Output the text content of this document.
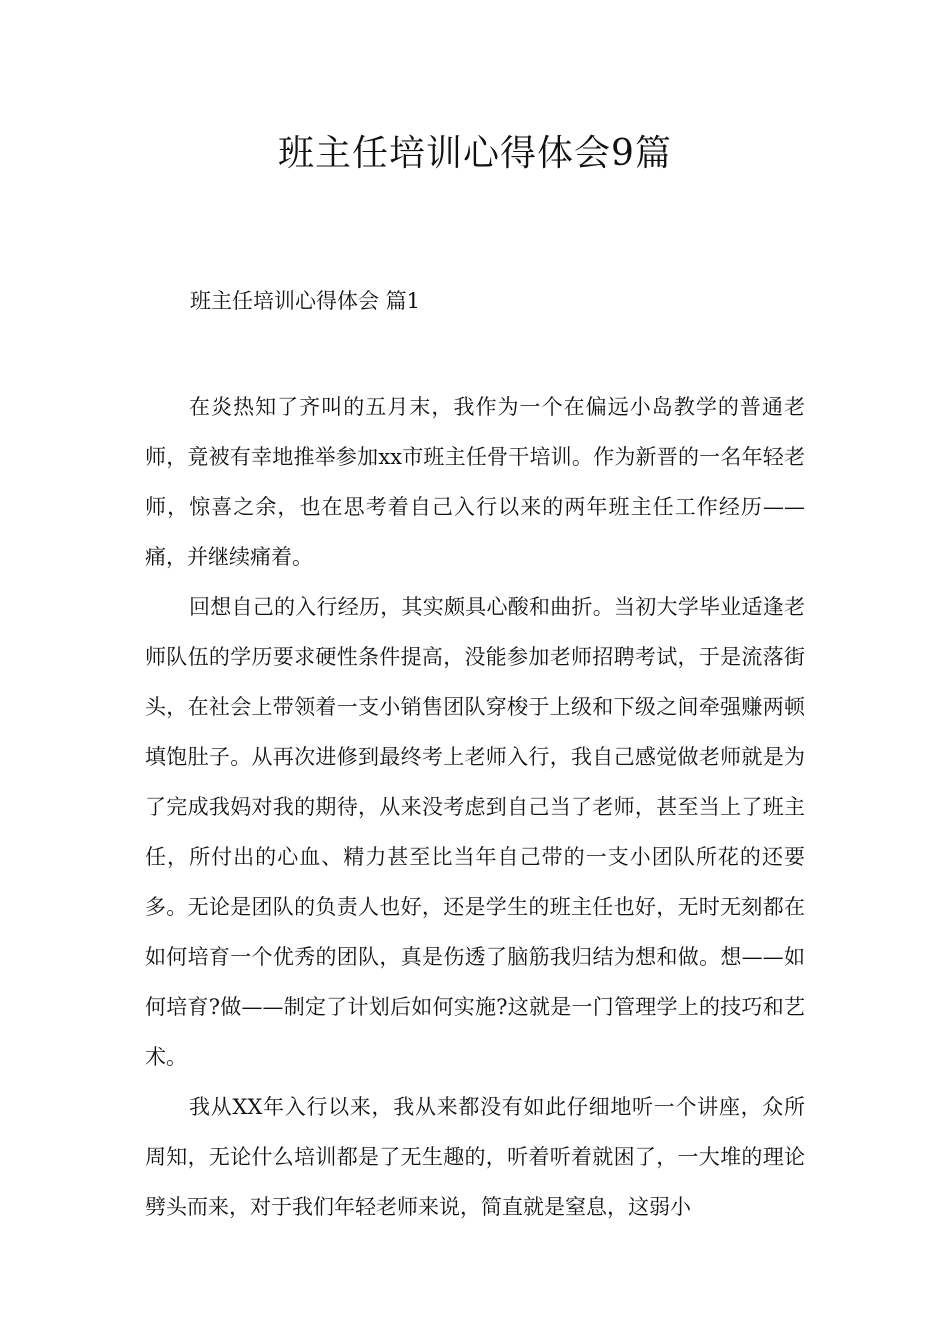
班主任培训心得体会9篇

班主任培训心得体会 篇1

在炎热知了齐叫的五月末，我作为一个在偏远小岛教学的普通老师，竟被有幸地推举参加xx市班主任骨干培训。作为新晋的一名年轻老师，惊喜之余，也在思考着自己入行以来的两年班主任工作经历——痛，并继续痛着。

回想自己的入行经历，其实颇具心酸和曲折。当初大学毕业适逢老师队伍的学历要求硬性条件提高，没能参加老师招聘考试，于是流落街头，在社会上带领着一支小销售团队穿梭于上级和下级之间牵强赚两顿填饱肚子。从再次进修到最终考上老师入行，我自己感觉做老师就是为了完成我妈对我的期待，从来没考虑到自己当了老师，甚至当上了班主任，所付出的心血、精力甚至比当年自己带的一支小团队所花的还要多。无论是团队的负责人也好，还是学生的班主任也好，无时无刻都在如何培育一个优秀的团队，真是伤透了脑筋我归结为想和做。想——如何培育?做——制定了计划后如何实施?这就是一门管理学上的技巧和艺术。

我从XX年入行以来，我从来都没有如此仔细地听一个讲座，众所周知，无论什么培训都是了无生趣的，听着听着就困了，一大堆的理论劈头而来，对于我们年轻老师来说，简直就是窒息，这弱小
